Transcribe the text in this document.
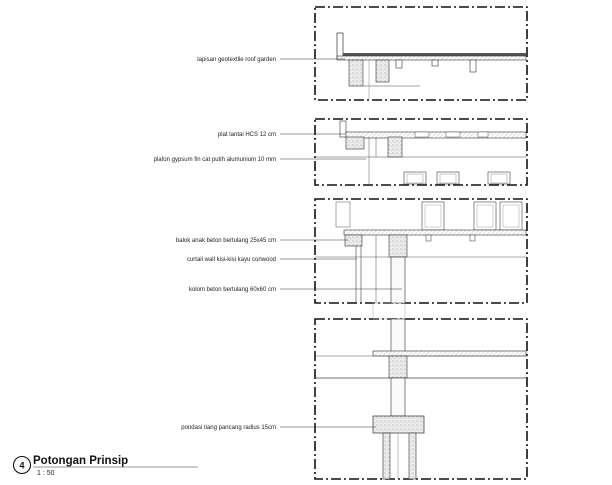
lapisan geotextile roof garden
plat lantai HCS 12 cm
plafon gypsum fin cat putih alumunium 10 mm
balok anak beton bertulang 25x45 cm
curtail wall kisi-kisi kayu conwood
kolom beton bertulang 60x60 cm
pondasi tiang pancang radius 15cm
4 Potongan Prinsip
1 : 50
